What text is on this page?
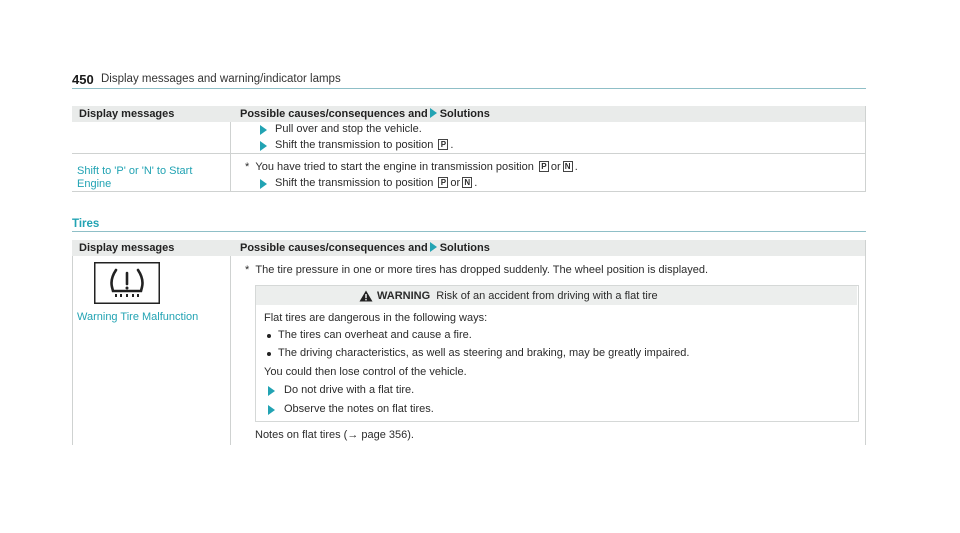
450 Display messages and warning/indicator lamps
Display messages	Possible causes/consequences and Solutions
Pull over and stop the vehicle.
Shift the transmission to position P .
Shift to 'P' or 'N' to Start
Engine
* You have tried to start the engine in transmission position P or N .
Shift the transmission to position P or N .
Tires
Display messages	Possible causes/consequences and Solutions
Warning Tire Malfunction
* The tire pressure in one or more tires has dropped suddenly. The wheel position is displayed.
WARNING Risk of an accident from driving with a flat tire
Flat tires are dangerous in the following ways:
The tires can overheat and cause a fire.
The driving characteristics, as well as steering and braking, may be greatly impaired.
You could then lose control of the vehicle.
Do not drive with a flat tire.
Observe the notes on flat tires.
Notes on flat tires (→ page 356).
